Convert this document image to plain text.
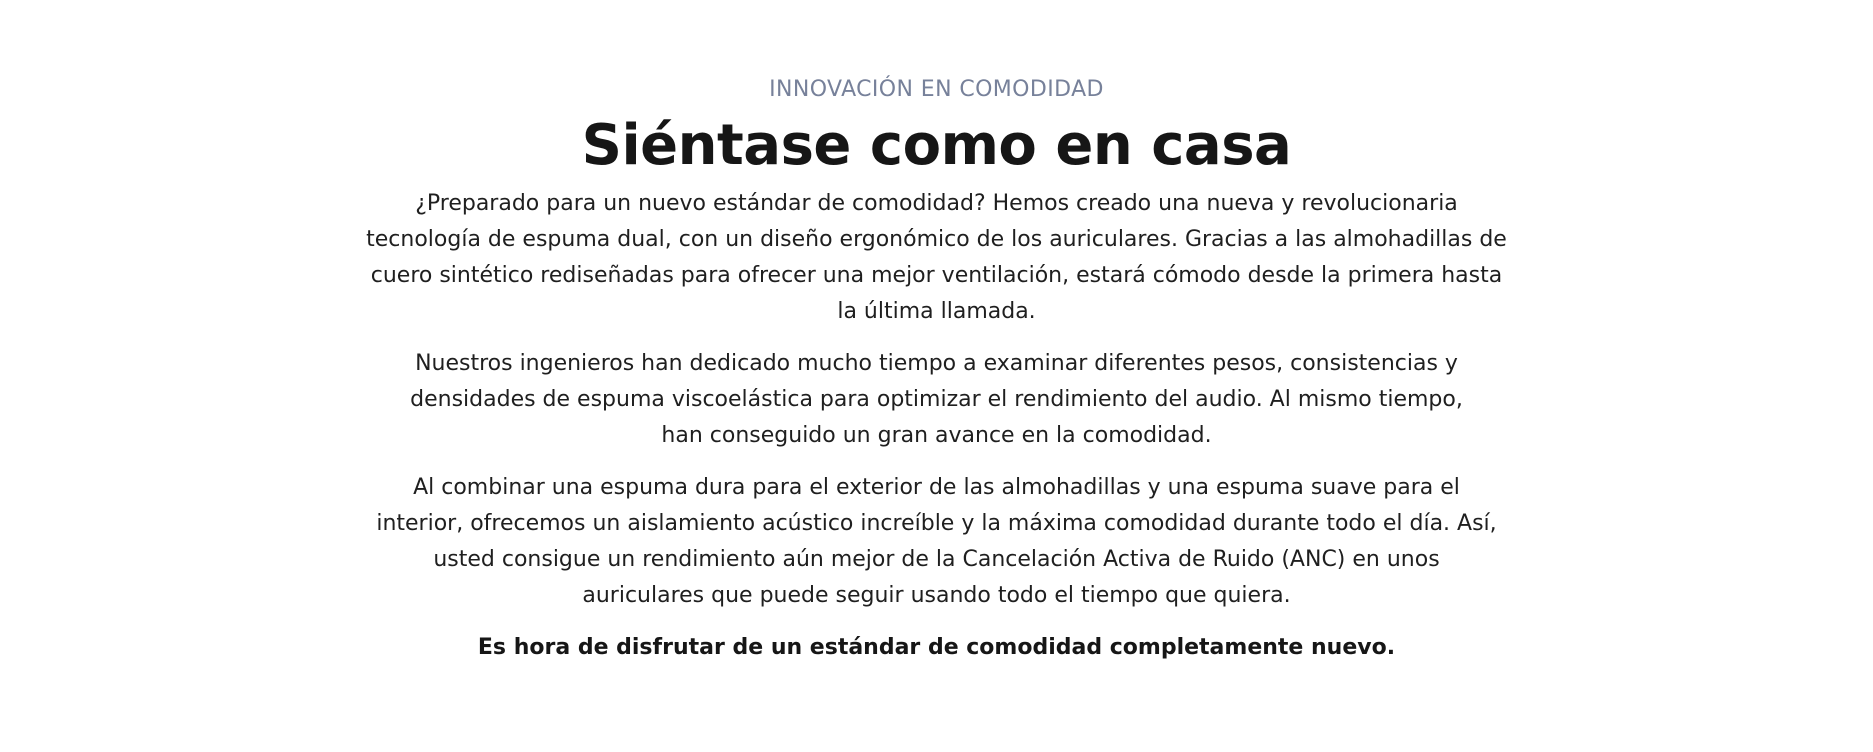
INNOVACIÓN EN COMODIDAD
Siéntase como en casa

¿Preparado para un nuevo estándar de comodidad? Hemos creado una nueva y revolucionaria tecnología de espuma dual, con un diseño ergonómico de los auriculares. Gracias a las almohadillas de cuero sintético rediseñadas para ofrecer una mejor ventilación, estará cómodo desde la primera hasta la última llamada.

Nuestros ingenieros han dedicado mucho tiempo a examinar diferentes pesos, consistencias y densidades de espuma viscoelástica para optimizar el rendimiento del audio. Al mismo tiempo, han conseguido un gran avance en la comodidad.

Al combinar una espuma dura para el exterior de las almohadillas y una espuma suave para el interior, ofrecemos un aislamiento acústico increíble y la máxima comodidad durante todo el día. Así, usted consigue un rendimiento aún mejor de la Cancelación Activa de Ruido (ANC) en unos auriculares que puede seguir usando todo el tiempo que quiera.

Es hora de disfrutar de un estándar de comodidad completamente nuevo.
